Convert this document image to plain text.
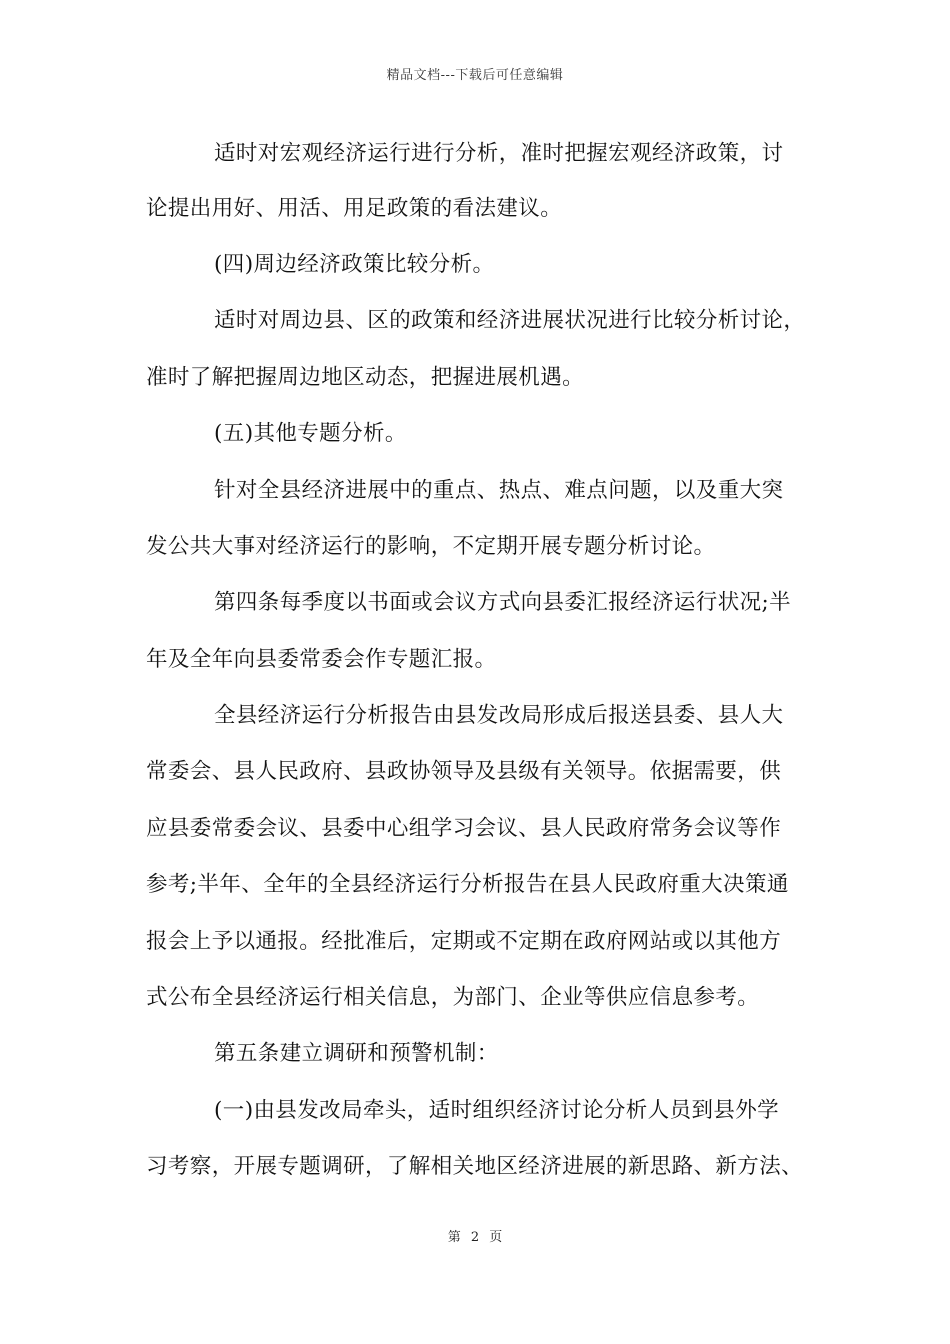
精品文档---下载后可任意编辑
适时对宏观经济运行进行分析，准时把握宏观经济政策，讨
论提出用好、用活、用足政策的看法建议。
(四)周边经济政策比较分析。
适时对周边县、区的政策和经济进展状况进行比较分析讨论，
准时了解把握周边地区动态，把握进展机遇。
(五)其他专题分析。
针对全县经济进展中的重点、热点、难点问题，以及重大突
发公共大事对经济运行的影响，不定期开展专题分析讨论。
第四条每季度以书面或会议方式向县委汇报经济运行状况;半
年及全年向县委常委会作专题汇报。
全县经济运行分析报告由县发改局形成后报送县委、县人大
常委会、县人民政府、县政协领导及县级有关领导。依据需要，供
应县委常委会议、县委中心组学习会议、县人民政府常务会议等作
参考;半年、全年的全县经济运行分析报告在县人民政府重大决策通
报会上予以通报。经批准后，定期或不定期在政府网站或以其他方
式公布全县经济运行相关信息，为部门、企业等供应信息参考。
第五条建立调研和预警机制：
(一)由县发改局牵头，适时组织经济讨论分析人员到县外学
习考察，开展专题调研，了解相关地区经济进展的新思路、新方法、
第 2 页
